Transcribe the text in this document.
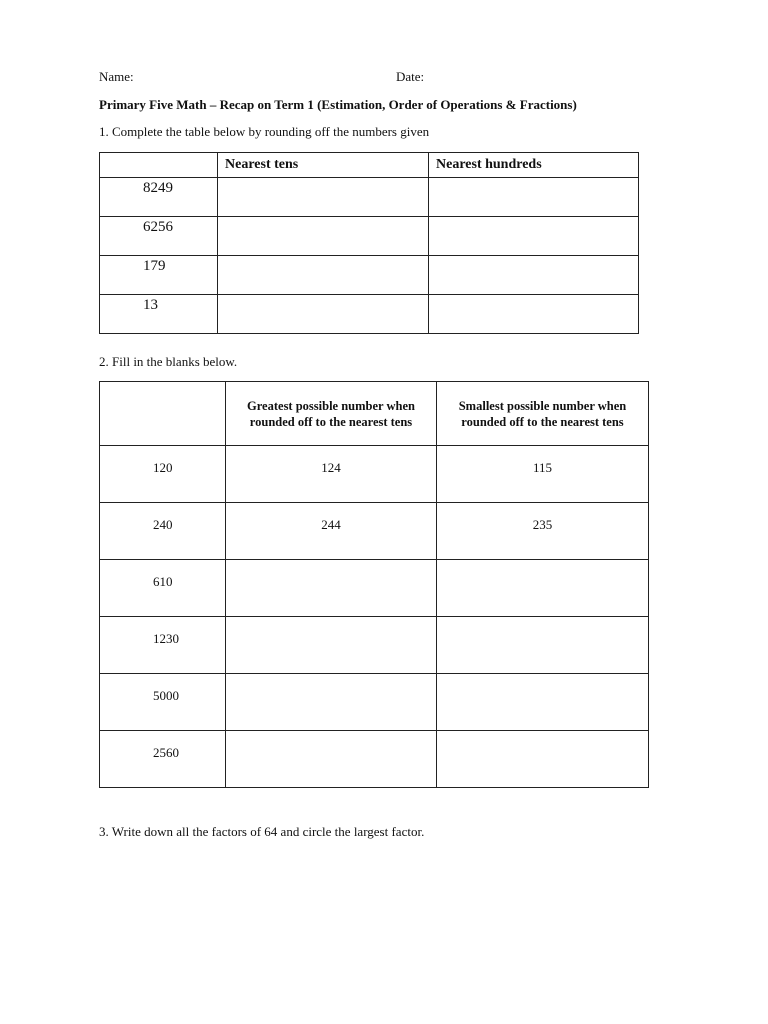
Name:	Date:
Primary Five Math – Recap on Term 1 (Estimation, Order of Operations & Fractions)
1. Complete the table below by rounding off the numbers given
	Nearest tens	Nearest hundreds
8249		
6256		
179		
13		
2. Fill in the blanks below.
	Greatest possible number when rounded off to the nearest tens	Smallest possible number when rounded off to the nearest tens
120	124	115
240	244	235
610		
1230		
5000		
2560		
3. Write down all the factors of 64 and circle the largest factor.
